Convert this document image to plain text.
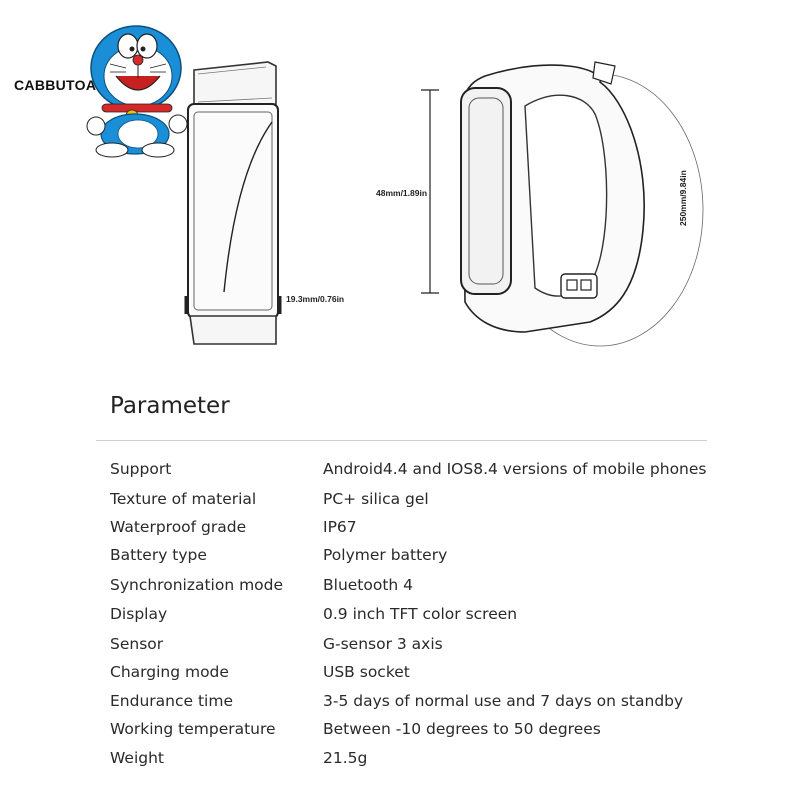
CABBUTOA
19.3mm/0.76in
48mm/1.89in	250mm/9.84in
Parameter
Support	Android4.4 and IOS8.4 versions of mobile phones
Texture of material	PC+ silica gel
Waterproof grade	IP67
Battery type	Polymer battery
Synchronization mode	Bluetooth 4
Display	0.9 inch TFT color screen
Sensor	G-sensor 3 axis
Charging mode	USB socket
Endurance time	3-5 days of normal use and 7 days on standby
Working temperature	Between -10 degrees to 50 degrees
Weight	21.5g
